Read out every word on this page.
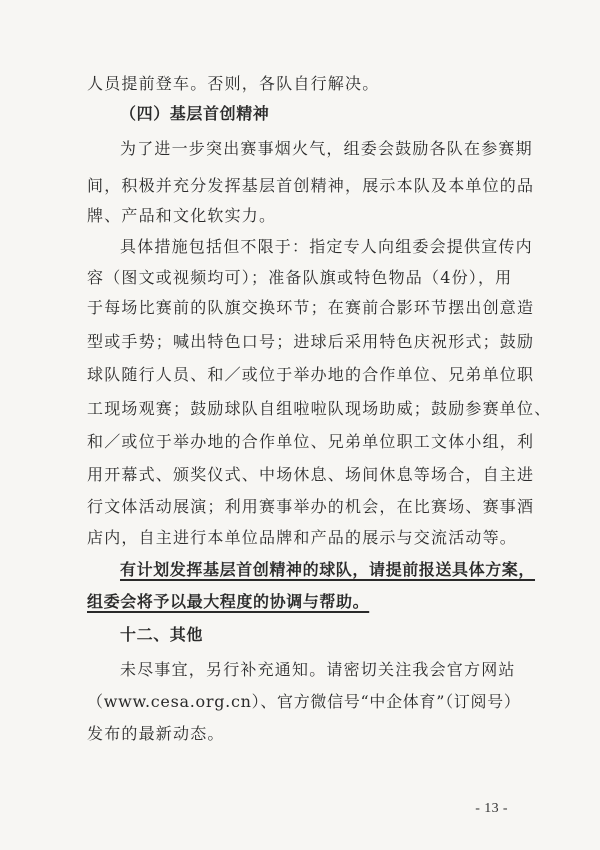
人员提前登车。否则，各队自行解决。
（四）基层首创精神
为了进一步突出赛事烟火气，组委会鼓励各队在参赛期
间，积极并充分发挥基层首创精神，展示本队及本单位的品
牌、产品和文化软实力。
具体措施包括但不限于：指定专人向组委会提供宣传内
容（图文或视频均可）；准备队旗或特色物品（4份），用
于每场比赛前的队旗交换环节；在赛前合影环节摆出创意造
型或手势；喊出特色口号；进球后采用特色庆祝形式；鼓励
球队随行人员、和／或位于举办地的合作单位、兄弟单位职
工现场观赛；鼓励球队自组啦啦队现场助威；鼓励参赛单位、
和／或位于举办地的合作单位、兄弟单位职工文体小组，利
用开幕式、颁奖仪式、中场休息、场间休息等场合，自主进
行文体活动展演；利用赛事举办的机会，在比赛场、赛事酒
店内，自主进行本单位品牌和产品的展示与交流活动等。
有计划发挥基层首创精神的球队，请提前报送具体方案，
组委会将予以最大程度的协调与帮助。
十二、其他
未尽事宜，另行补充通知。请密切关注我会官方网站
（www.cesa.org.cn）、官方微信号“中企体育”（订阅号）
发布的最新动态。
- 13 -
